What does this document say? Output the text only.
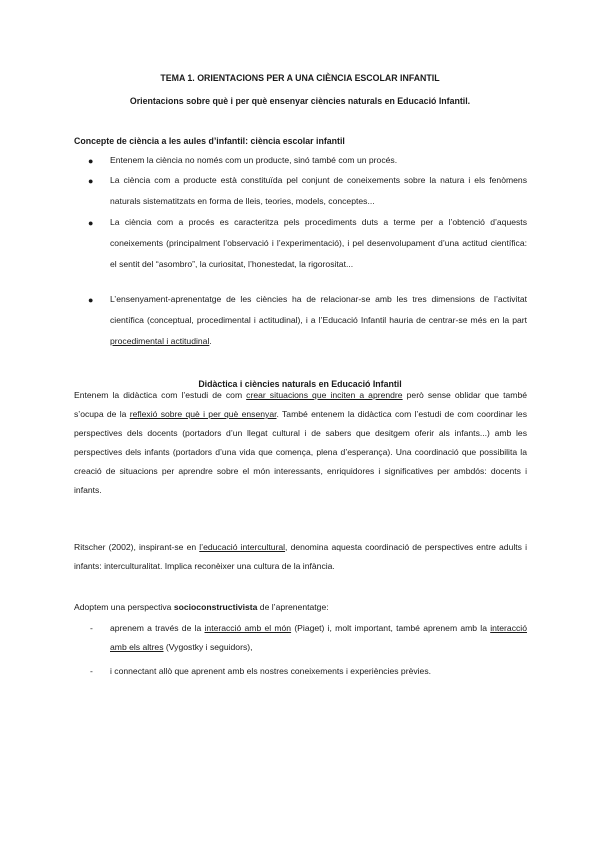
TEMA 1. ORIENTACIONS PER A UNA CIÈNCIA ESCOLAR INFANTIL
Orientacions sobre què i per què ensenyar ciències naturals en Educació Infantil.
Concepte de ciència a les aules d’infantil: ciència escolar infantil
● Entenem la ciència no només com un producte, sinó també com un procés.
● La ciència com a producte està constituïda pel conjunt de coneixements sobre la natura i els fenòmens naturals sistematitzats en forma de lleis, teories, models, conceptes...
● La ciència com a procés es caracteritza pels procediments duts a terme per a l’obtenció d’aquests coneixements (principalment l’observació i l’experimentació), i pel desenvolupament d’una actitud científica: el sentit del “asombro”, la curiositat, l’honestedat, la rigorositat...
● L’ensenyament-aprenentatge de les ciències ha de relacionar-se amb les tres dimensions de l’activitat científica (conceptual, procedimental i actitudinal), i a l’Educació Infantil hauria de centrar-se més en la part procedimental i actitudinal.
Didàctica i ciències naturals en Educació Infantil
Entenem la didàctica com l’estudi de com crear situacions que inciten a aprendre però sense oblidar que també s’ocupa de la reflexió sobre què i per què ensenyar. També entenem la didàctica com l’estudi de com coordinar les perspectives dels docents (portadors d’un llegat cultural i de sabers que desitgem oferir als infants...) amb les perspectives dels infants (portadors d’una vida que comença, plena d’esperança). Una coordinació que possibilita la creació de situacions per aprendre sobre el món interessants, enriquidores i significatives per ambdós: docents i infants.
Ritscher (2002), inspirant-se en l’educació intercultural, denomina aquesta coordinació de perspectives entre adults i infants: interculturalitat. Implica reconèixer una cultura de la infància.
Adoptem una perspectiva socioconstructivista de l’aprenentatge:
- aprenem a través de la interacció amb el món (Piaget) i, molt important, també aprenem amb la interacció amb els altres (Vygostky i seguidors),
- i connectant allò que aprenent amb els nostres coneixements i experiències prèvies.
